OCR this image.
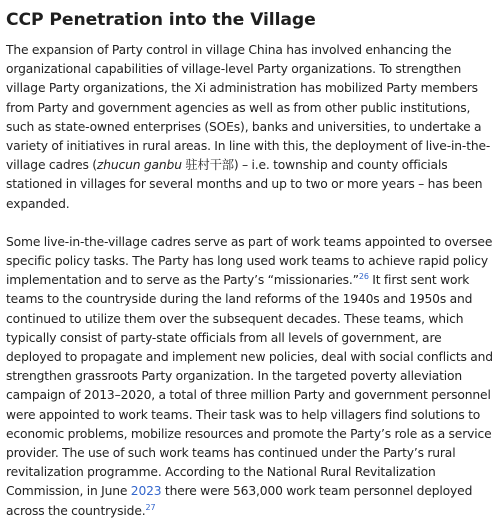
CCP Penetration into the Village

The expansion of Party control in village China has involved enhancing the organizational capabilities of village-level Party organizations. To strengthen village Party organizations, the Xi administration has mobilized Party members from Party and government agencies as well as from other public institutions, such as state-owned enterprises (SOEs), banks and universities, to undertake a variety of initiatives in rural areas. In line with this, the deployment of live-in-the-village cadres (zhucun ganbu 驻村干部) – i.e. township and county officials stationed in villages for several months and up to two or more years – has been expanded.

Some live-in-the-village cadres serve as part of work teams appointed to oversee specific policy tasks. The Party has long used work teams to achieve rapid policy implementation and to serve as the Party’s “missionaries.”$^{26}$ It first sent work teams to the countryside during the land reforms of the 1940s and 1950s and continued to utilize them over the subsequent decades. These teams, which typically consist of party-state officials from all levels of government, are deployed to propagate and implement new policies, deal with social conflicts and strengthen grassroots Party organization. In the targeted poverty alleviation campaign of 2013–2020, a total of three million Party and government personnel were appointed to work teams. Their task was to help villagers find solutions to economic problems, mobilize resources and promote the Party’s role as a service provider. The use of such work teams has continued under the Party’s rural revitalization programme. According to the National Rural Revitalization Commission, in June 2023 there were 563,000 work team personnel deployed across the countryside.$^{27}$
